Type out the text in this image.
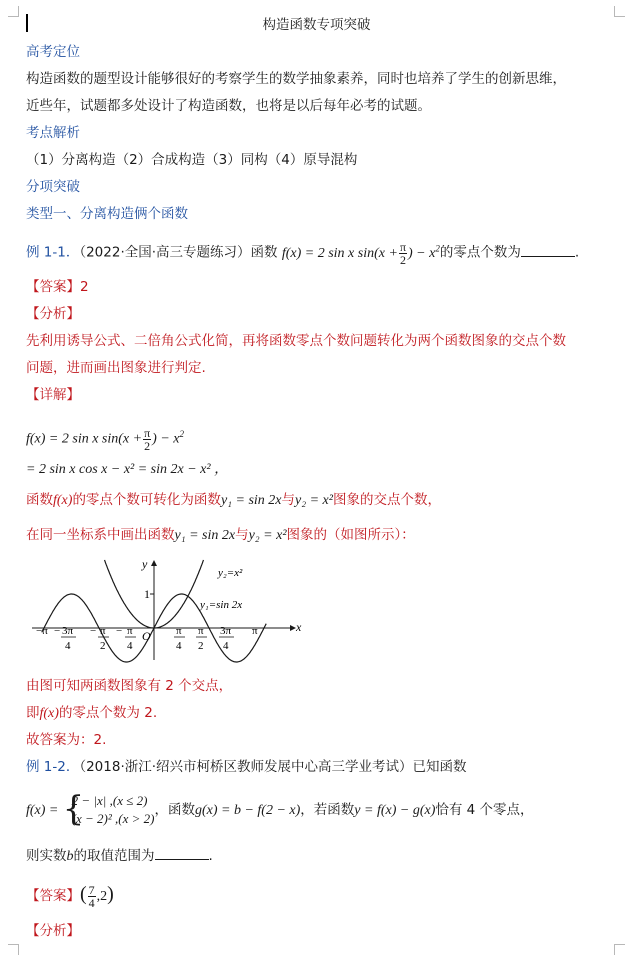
构造函数专项突破
高考定位
构造函数的题型设计能够很好的考察学生的数学抽象素养，同时也培养了学生的创新思维，
近些年，试题都多处设计了构造函数，也将是以后每年必考的试题。
考点解析
（1）分离构造（2）合成构造（3）同构（4）原导混构
分项突破
类型一、分离构造俩个函数
例 1-1．（2022·全国·高三专题练习）函数 f(x) = 2 sin x $\sin(x + \frac{\pi}{2}$ ) − $x^2$的零点个数为	.
【答案】2
【分析】
先利用诱导公式、二倍角公式化简，再将函数零点个数问题转化为两个函数图象的交点个数
问题，进而画出图象进行判定.
【详解】
f(x) = 2 sin x $\sin(x + \frac{\pi}{2}$ ) − $x^2$
= 2 sin x cos x − x² = sin 2x − x² ，
函数f(x)的零点个数可转化为函数y₁ = sin 2x与y₂ = x²图象的交点个数，
在同一坐标系中画出函数y₁ = sin 2x与y₂ = x²图象的（如图所示）：
y
x
O
1
y₂=x²
y₁=sin 2x
−π − 3π
4
− π
2
− π
4
π
4
π
2
3π
4
π
由图可知两函数图象有 2 个交点，
即f(x)的零点个数为 2.
故答案为：2.
例 1-2．（2018·浙江·绍兴市柯桥区教师发展中心高三学业考试）已知函数
f(x) = {
2 − |x| ,(x ≤ 2)
(x − 2)² ,(x > 2)
，函数g(x) = b − f(2 − x)，若函数y = f(x) − g(x)恰有 4 个零点，
则实数b的取值范围为	.
【答案】( $\frac{7}{4} ,2$)
【分析】
